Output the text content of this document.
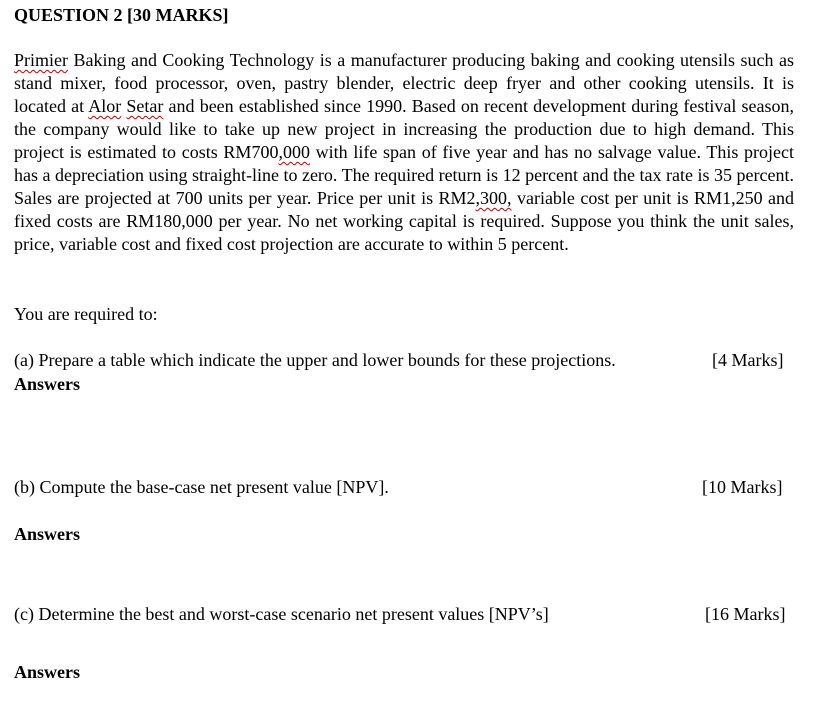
QUESTION 2 [30 MARKS]
Primier Baking and Cooking Technology is a manufacturer producing baking and cooking utensils such as stand mixer, food processor, oven, pastry blender, electric deep fryer and other cooking utensils. It is located at Alor Setar and been established since 1990. Based on recent development during festival season, the company would like to take up new project in increasing the production due to high demand. This project is estimated to costs RM700,000 with life span of five year and has no salvage value. This project has a depreciation using straight-line to zero. The required return is 12 percent and the tax rate is 35 percent. Sales are projected at 700 units per year. Price per unit is RM2,300, variable cost per unit is RM1,250 and fixed costs are RM180,000 per year. No net working capital is required. Suppose you think the unit sales, price, variable cost and fixed cost projection are accurate to within 5 percent.
You are required to:
(a) Prepare a table which indicate the upper and lower bounds for these projections.	[4 Marks]
Answers
(b) Compute the base-case net present value [NPV].	[10 Marks]
Answers
(c) Determine the best and worst-case scenario net present values [NPV’s]	[16 Marks]
Answers
